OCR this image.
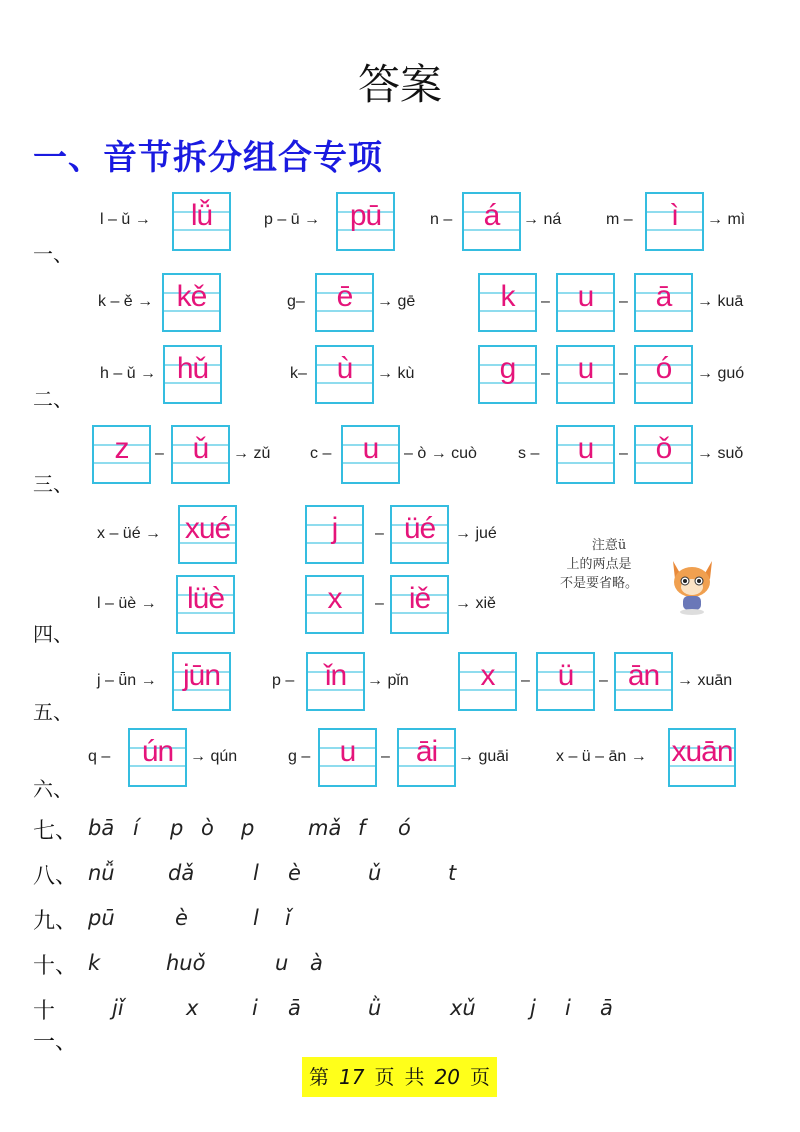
答案
一、音节拆分组合专项
一、
二、
三、
四、
五、
六、
l – ǔ →	lǚ	p – ū → pū	n –	á	→ ná	m –	ì	→ mì
k – ě → kě	g–	ē	→ gē	k	– u	– ā	→ kuā
h – ǔ → hǔ	k– ù	→ kù	g	– u	– ó	→ guó
z	– ǔ	→ zǔ c –	u	– ò → cuò	s –	u	– ǒ	→ suǒ
x – üé → xué	j	– üé	→ jué
l – üè → lüè	x	– iě	→ xiě
注意ü
上的两点是
不是要省略。
j – ǖn → jūn	p –	ǐn	→ pǐn	x	– ü	– ān	→ xuān
q –	ún	→ qún	g – u	– āi	→ guāi	x – ü – ān → xuān
七、 bā í p ò p	mǎ f ó
八、 nǚ	dǎ	l è	ǔ	t
九、 pū	è	l ǐ
十、 k	huǒ	u à
十一、
jǐ	x	i ā	ǜ	xǔ	j i ā
第 17 页 共 20 页
